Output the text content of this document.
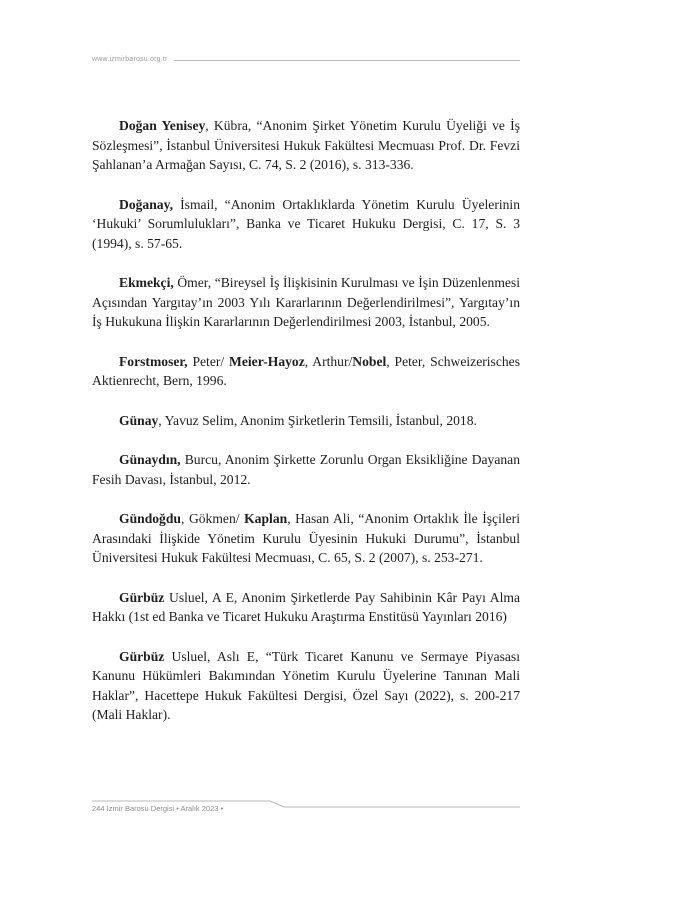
www.izmirbarosu.org.tr

Doğan Yenisey, Kübra, “Anonim Şirket Yönetim Kurulu Üyeliği ve İş Sözleşmesi”, İstanbul Üniversitesi Hukuk Fakültesi Mecmuası Prof. Dr. Fevzi Şahlanan’a Armağan Sayısı, C. 74, S. 2 (2016), s. 313-336.

Doğanay, İsmail, “Anonim Ortaklıklarda Yönetim Kurulu Üyelerinin ‘Hukuki’ Sorumlulukları”, Banka ve Ticaret Hukuku Dergisi, C. 17, S. 3 (1994), s. 57-65.

Ekmekçi, Ömer, “Bireysel İş İlişkisinin Kurulması ve İşin Düzenlenmesi Açısından Yargıtay’ın 2003 Yılı Kararlarının Değerlendirilmesi”, Yargıtay’ın İş Hukukuna İlişkin Kararlarının Değerlendirilmesi 2003, İstanbul, 2005.

Forstmoser, Peter/ Meier-Hayoz, Arthur/Nobel, Peter, Schweizerisches Aktienrecht, Bern, 1996.

Günay, Yavuz Selim, Anonim Şirketlerin Temsili, İstanbul, 2018.

Günaydın, Burcu, Anonim Şirkette Zorunlu Organ Eksikliğine Dayanan Fesih Davası, İstanbul, 2012.

Gündoğdu, Gökmen/ Kaplan, Hasan Ali, “Anonim Ortaklık İle İşçileri Arasındaki İlişkide Yönetim Kurulu Üyesinin Hukuki Durumu”, İstanbul Üniversitesi Hukuk Fakültesi Mecmuası, C. 65, S. 2 (2007), s. 253-271.

Gürbüz Usluel, A E, Anonim Şirketlerde Pay Sahibinin Kâr Payı Alma Hakkı (1st ed Banka ve Ticaret Hukuku Araştırma Enstitüsü Yayınları 2016)

Gürbüz Usluel, Aslı E, “Türk Ticaret Kanunu ve Sermaye Piyasası Kanunu Hükümleri Bakımından Yönetim Kurulu Üyelerine Tanınan Mali Haklar”, Hacettepe Hukuk Fakültesi Dergisi, Özel Sayı (2022), s. 200-217 (Mali Haklar).

244 İzmir Barosu Dergisi • Aralık 2023 •
